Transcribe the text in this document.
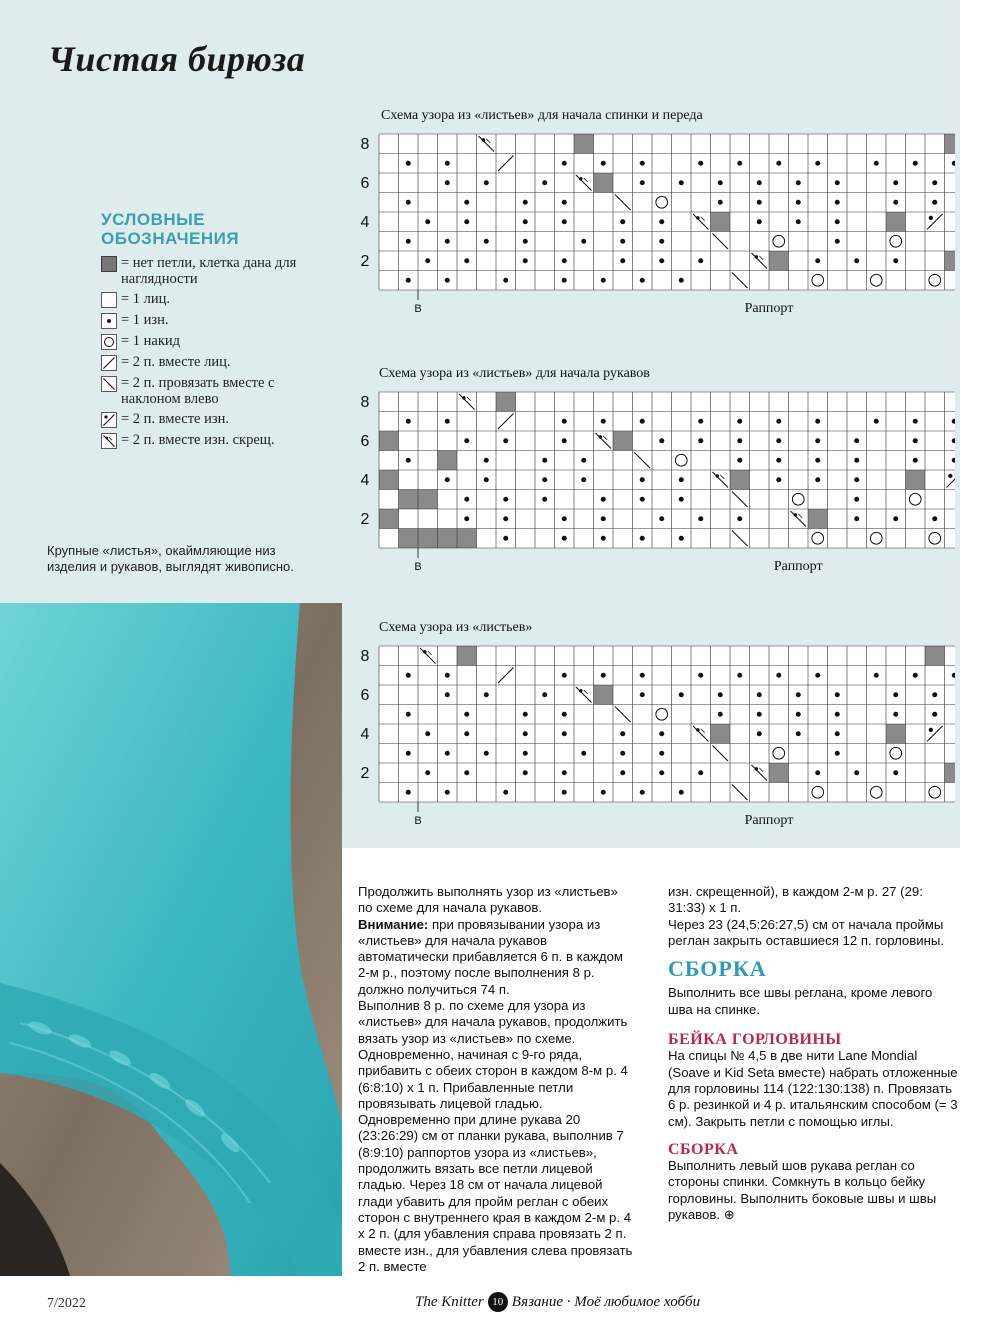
Чистая бирюза
УСЛОВНЫЕ
ОБОЗНАЧЕНИЯ
= нет петли, клетка дана для наглядности
= 1 лиц.
= 1 изн.
= 1 накид
= 2 п. вместе лиц.
= 2 п. провязать вместе с наклоном влево
= 2 п. вместе изн.
= 2 п. вместе изн. скрещ.
Крупные «листья», окаймляющие низ изделия и рукавов, выглядят живописно.
Схема узора из «листьев» для начала спинки и переда
8
6
4
2
В	Раппорт
Схема узора из «листьев» для начала рукавов
8
6
4
2
В	Раппорт
Схема узора из «листьев»
8
6
4
2
В	Раппорт

Продолжить выполнять узор из «листьев» по схеме для начала рукавов.

Внимание: при провязывании узора из «листьев» для начала рукавов автоматически прибавляется 6 п. в каждом 2-м р., поэтому после выполнения 8 р. должно получиться 74 п.

Выполнив 8 р. по схеме для узора из «листьев» для начала рукавов, продолжить вязать узор из «листьев» по схеме.

Одновременно, начиная с 9-го ряда, прибавить с обеих сторон в каждом 8-м р. 4 (6:8:10) х 1 п. Прибавленные петли провязывать лицевой гладью.

Одновременно при длине рукава 20 (23:26:29) см от планки рукава, выполнив 7 (8:9:10) раппортов узора из «листьев», продолжить вязать все петли лицевой гладью. Через 18 см от начала лицевой глади убавить для пройм реглан с обеих сторон с внутреннего края в каждом 2-м р. 4 х 2 п. (для убавления справа провязать 2 п. вместе изн., для убавления слева провязать 2 п. вместе

изн. скрещенной), в каждом 2-м р. 27 (29: 31:33) х 1 п.

Через 23 (24,5:26:27,5) см от начала проймы реглан закрыть оставшиеся 12 п. горловины.

СБОРКА

Выполнить все швы реглана, кроме левого шва на спинке.

БЕЙКА ГОРЛОВИНЫ

На спицы № 4,5 в две нити Lane Mondial (Soave и Kid Seta вместе) набрать отложенные для горловины 114 (122:130:138) п. Провязать 6 р. резинкой и 4 р. итальянским способом (= 3 см). Закрыть петли с помощью иглы.

СБОРКА

Выполнить левый шов рукава реглан со стороны спинки. Сомкнуть в кольцо бейку горловины. Выполнить боковые швы и швы рукавов. ⊕

7/2022	The Knitter 10 Вязание · Моё любимое хобби
